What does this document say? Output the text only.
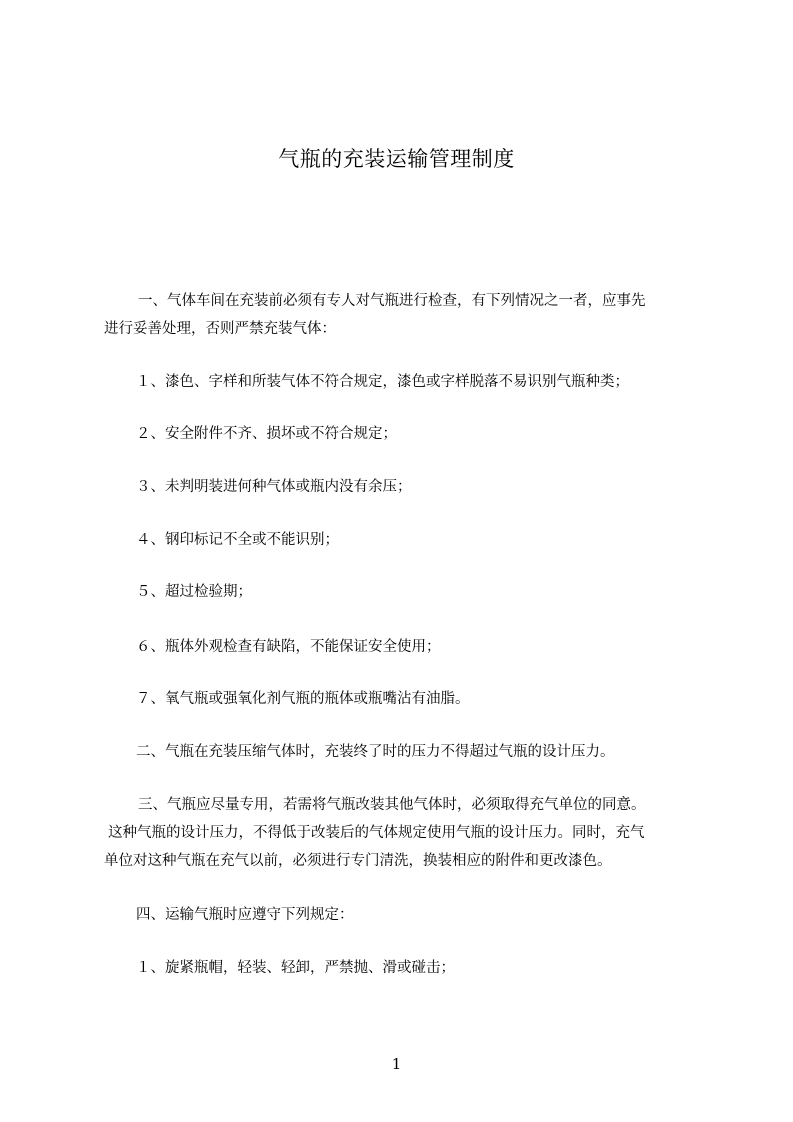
气瓶的充装运输管理制度
一、气体车间在充装前必须有专人对气瓶进行检查，有下列情况之一者，应事先
进行妥善处理，否则严禁充装气体：
１、漆色、字样和所装气体不符合规定，漆色或字样脱落不易识别气瓶种类；
２、安全附件不齐、损坏或不符合规定；
３、未判明装进何种气体或瓶内没有余压；
４、钢印标记不全或不能识别；
５、超过检验期；
６、瓶体外观检查有缺陷，不能保证安全使用；
７、氧气瓶或强氧化剂气瓶的瓶体或瓶嘴沾有油脂。
二、气瓶在充装压缩气体时，充装终了时的压力不得超过气瓶的设计压力。
三、气瓶应尽量专用，若需将气瓶改装其他气体时，必须取得充气单位的同意。
这种气瓶的设计压力，不得低于改装后的气体规定使用气瓶的设计压力。同时，充气
单位对这种气瓶在充气以前，必须进行专门清洗，换装相应的附件和更改漆色。
四、运输气瓶时应遵守下列规定：
１、旋紧瓶帽，轻装、轻卸，严禁抛、滑或碰击；
1
